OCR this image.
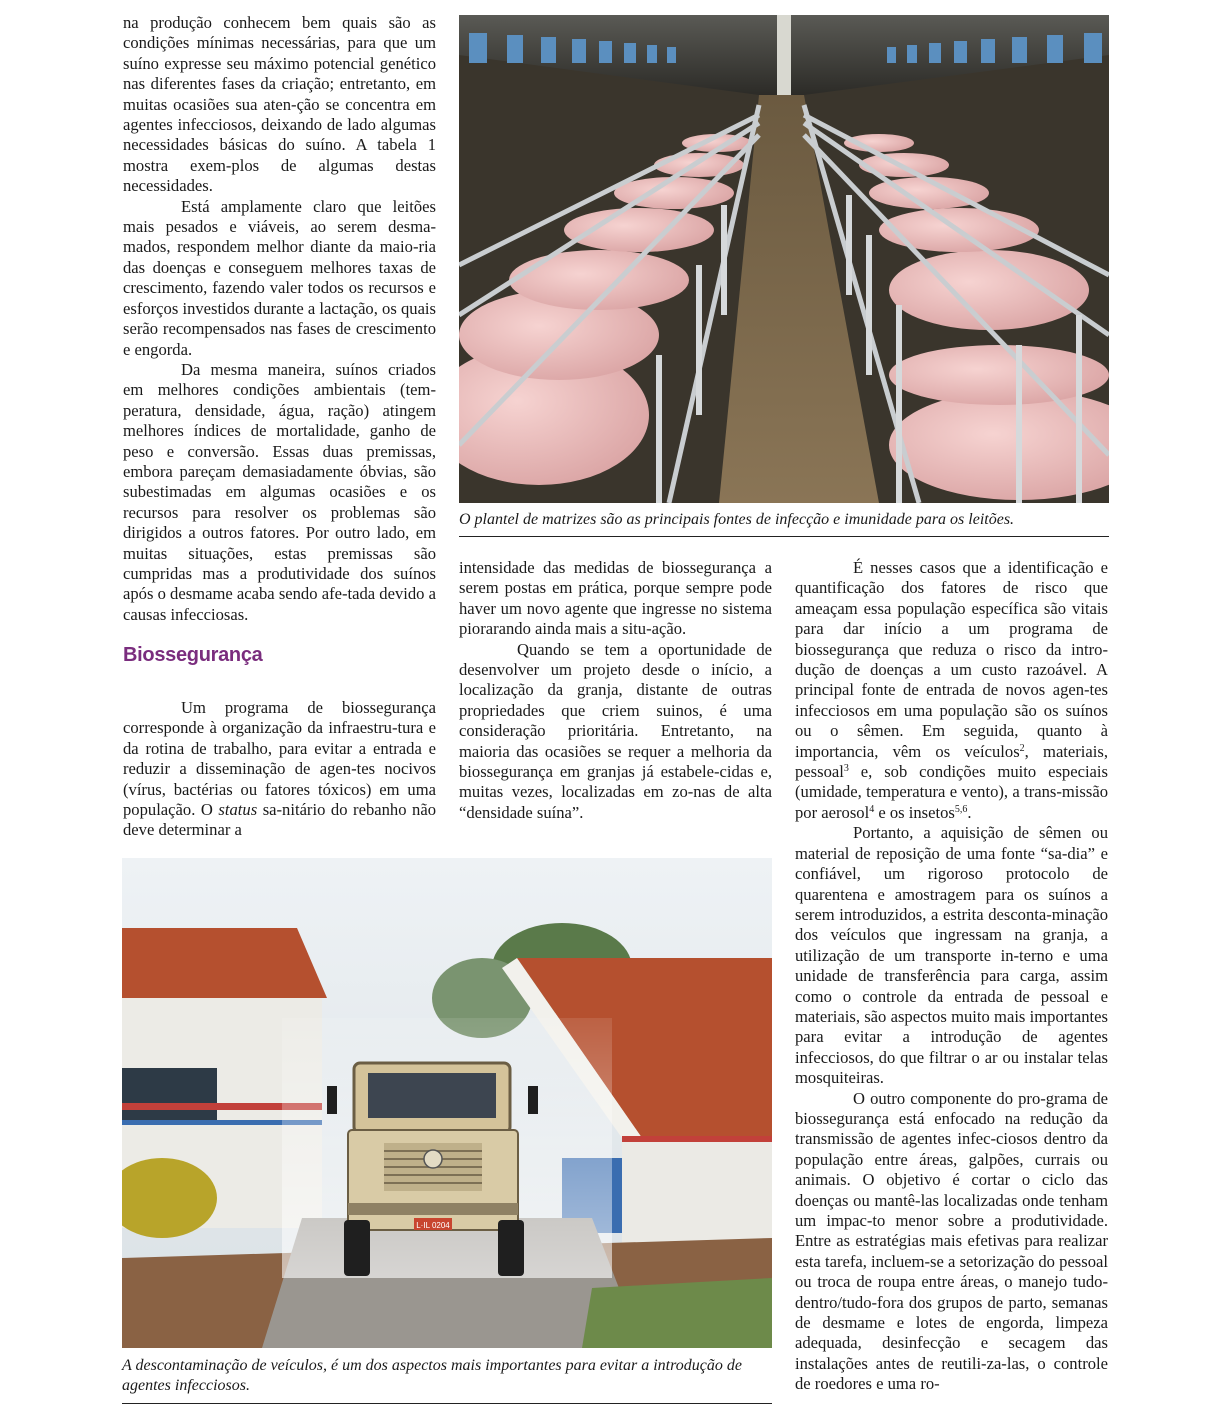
na produção conhecem bem quais são as condições mínimas necessárias, para que um suíno expresse seu máximo potencial genético nas diferentes fases da criação; entretanto, em muitas ocasiões sua aten-ção se concentra em agentes infecciosos, deixando de lado algumas necessidades básicas do suíno. A tabela 1 mostra exem-plos de algumas destas necessidades.

Está amplamente claro que leitões mais pesados e viáveis, ao serem desma-mados, respondem melhor diante da maio-ria das doenças e conseguem melhores taxas de crescimento, fazendo valer todos os recursos e esforços investidos durante a lactação, os quais serão recompensados nas fases de crescimento e engorda.

Da mesma maneira, suínos criados em melhores condições ambientais (tem-peratura, densidade, água, ração) atingem melhores índices de mortalidade, ganho de peso e conversão. Essas duas premissas, embora pareçam demasiadamente óbvias, são subestimadas em algumas ocasiões e os recursos para resolver os problemas são dirigidos a outros fatores. Por outro lado, em muitas situações, estas premissas são cumpridas mas a produtividade dos suínos após o desmame acaba sendo afe-tada devido a causas infecciosas.

Biossegurança

Um programa de biossegurança corresponde à organização da infraestru-tura e da rotina de trabalho, para evitar a entrada e reduzir a disseminação de agen-tes nocivos (vírus, bactérias ou fatores tóxicos) em uma população. O status sa-nitário do rebanho não deve determinar a

intensidade das medidas de biossegurança a serem postas em prática, porque sempre pode haver um novo agente que ingresse no sistema piorarando ainda mais a situ-ação.

Quando se tem a oportunidade de desenvolver um projeto desde o início, a localização da granja, distante de outras propriedades que criem suinos, é uma consideração prioritária. Entretanto, na maioria das ocasiões se requer a melhoria da biossegurança em granjas já estabele-cidas e, muitas vezes, localizadas em zo-nas de alta “densidade suína”.

É nesses casos que a identificação e quantificação dos fatores de risco que ameaçam essa população específica são vitais para dar início a um programa de biossegurança que reduza o risco da intro-dução de doenças a um custo razoável. A principal fonte de entrada de novos agen-tes infecciosos em uma população são os suínos ou o sêmen. Em seguida, quanto à importancia, vêm os veículos$^2$, materiais, pessoal$^3$ e, sob condições muito especiais (umidade, temperatura e vento), a trans-missão por aerosol$^4$ e os insetos$^{5,6}$.

Portanto, a aquisição de sêmen ou material de reposição de uma fonte “sa-dia” e confiável, um rigoroso protocolo de quarentena e amostragem para os suínos a serem introduzidos, a estrita desconta-minação dos veículos que ingressam na granja, a utilização de um transporte in-terno e uma unidade de transferência para carga, assim como o controle da entrada de pessoal e materiais, são aspectos muito mais importantes para evitar a introdução de agentes infecciosos, do que filtrar o ar ou instalar telas mosquiteiras.

O outro componente do pro-grama de biossegurança está enfocado na redução da transmissão de agentes infec-ciosos dentro da população entre áreas, galpões, currais ou animais. O objetivo é cortar o ciclo das doenças ou mantê-las localizadas onde tenham um impac-to menor sobre a produtividade. Entre as estratégias mais efetivas para realizar esta tarefa, incluem-se a setorização do pessoal ou troca de roupa entre áreas, o manejo tudo-dentro/tudo-fora dos grupos de parto, semanas de desmame e lotes de engorda, limpeza adequada, desinfecção e secagem das instalações antes de reutili-za-las, o controle de roedores e uma ro-

O plantel de matrizes são as principais fontes de infecção e imunidade para os leitões.
L·IL 0204
A descontaminação de veículos, é um dos aspectos mais importantes para evitar a introdução de agentes infecciosos.
